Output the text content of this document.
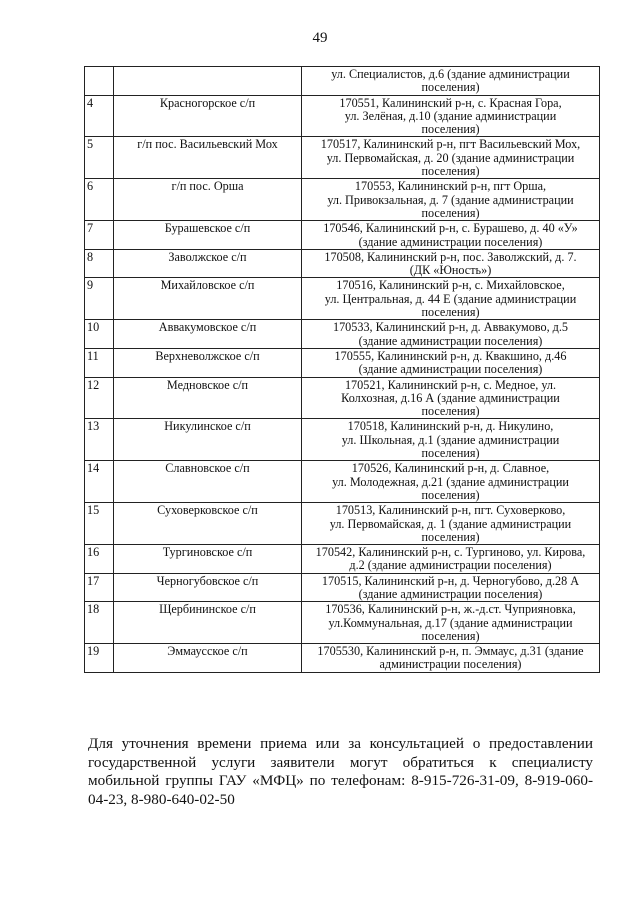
49
		ул. Специалистов, д.6 (здание администрации
поселения)
4	Красногорское с/п	170551, Калининский р-н, с. Красная Гора,
ул. Зелёная, д.10 (здание администрации
поселения)
5	г/п пос. Васильевский Мох	170517, Калининский р-н, пгт Васильевский Мох,
ул. Первомайская, д. 20 (здание администрации
поселения)
6	г/п пос. Орша	170553, Калининский р-н, пгт Орша,
ул. Привокзальная, д. 7 (здание администрации
поселения)
7	Бурашевское с/п	170546, Калининский р-н, с. Бурашево, д. 40 «У»
(здание администрации поселения)
8	Заволжское с/п	170508, Калининский р-н, пос. Заволжский, д. 7.
(ДК «Юность»)
9	Михайловское с/п	170516, Калининский р-н, с. Михайловское,
ул. Центральная, д. 44 Е (здание администрации
поселения)
10	Аввакумовское с/п	170533, Калининский р-н, д. Аввакумово, д.5
(здание администрации поселения)
11	Верхневолжское с/п	170555, Калининский р-н, д. Квакшино, д.46
(здание администрации поселения)
12	Медновское с/п	170521, Калининский р-н, с. Медное, ул.
Колхозная, д.16 А (здание администрации
поселения)
13	Никулинское с/п	170518, Калининский р-н, д. Никулино,
ул. Школьная, д.1 (здание администрации
поселения)
14	Славновское с/п	170526, Калининский р-н, д. Славное,
ул. Молодежная, д.21 (здание администрации
поселения)
15	Суховерковское с/п	170513, Калининский р-н, пгт. Суховерково,
ул. Первомайская, д. 1 (здание администрации
поселения)
16	Тургиновское с/п	170542, Калининский р-н, с. Тургиново, ул. Кирова,
д.2 (здание администрации поселения)
17	Черногубовское с/п	170515, Калининский р-н, д. Черногубово, д.28 А
(здание администрации поселения)
18	Щербининское с/п	170536, Калининский р-н, ж.-д.ст. Чуприяновка,
ул.Коммунальная, д.17 (здание администрации
поселения)
19	Эммаусское с/п	1705530, Калининский р-н, п. Эммаус, д.31 (здание
администрации поселения)
Для уточнения времени приема или за консультацией о предоставлении государственной услуги заявители могут обратиться к специалисту мобильной группы ГАУ «МФЦ» по телефонам: 8-915-726-31-09, 8-919-060-04-23, 8-980-640-02-50
